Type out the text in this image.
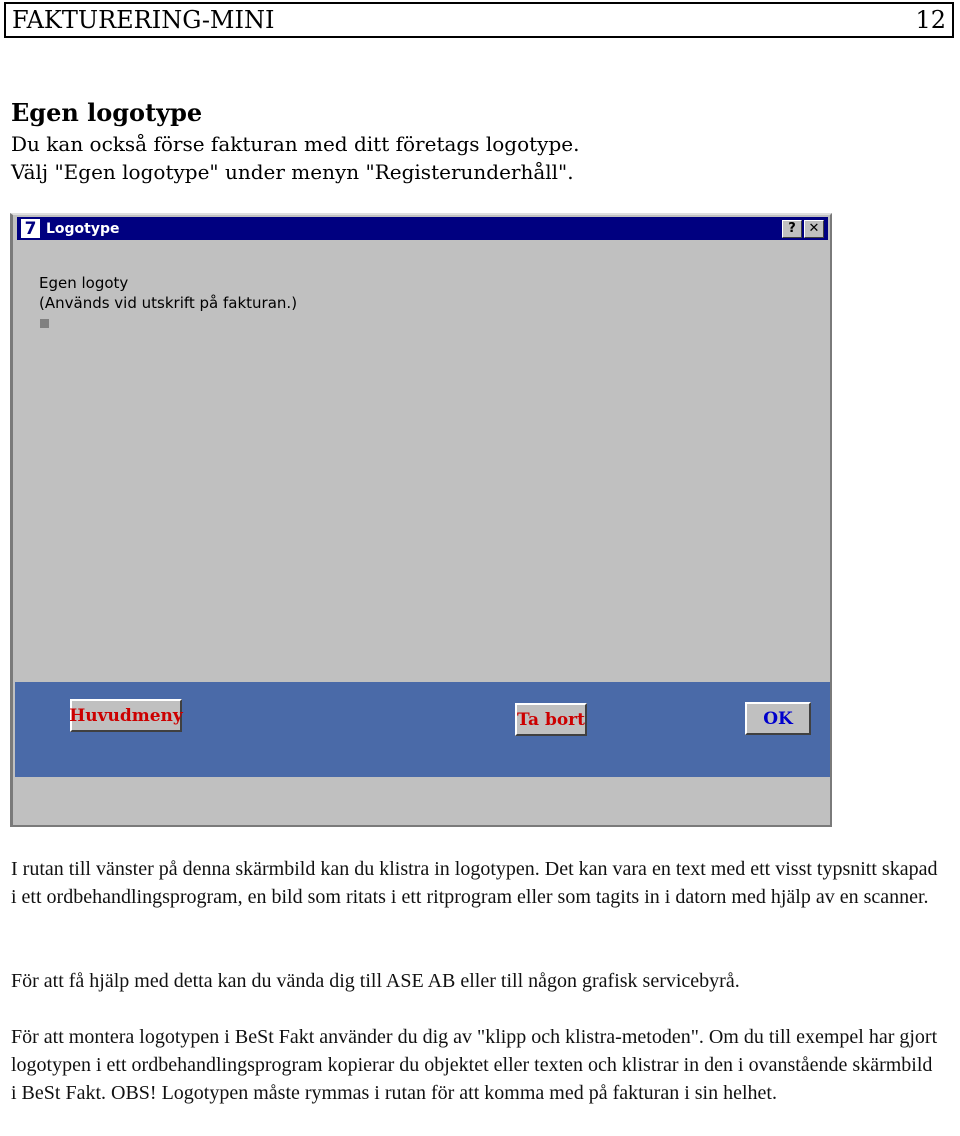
FAKTURERING-MINI	12
Egen logotype

Du kan också förse fakturan med ditt företags logotype.

Välj "Egen logotype" under menyn "Registerunderhåll".

7 Logotype	? ✕
Egen logoty
(Används vid utskrift på fakturan.)
Huvudmeny	Ta bort	OK

I rutan till vänster på denna skärmbild kan du klistra in logotypen. Det kan vara en text med ett visst typsnitt skapad i ett ordbehandlingsprogram, en bild som ritats i ett ritprogram eller som tagits in i datorn med hjälp av en scanner.

För att få hjälp med detta kan du vända dig till ASE AB eller till någon grafisk servicebyrå.

För att montera logotypen i BeSt Fakt använder du dig av "klipp och klistra-metoden". Om du till exempel har gjort logotypen i ett ordbehandlingsprogram kopierar du objektet eller texten och klistrar in den i ovanstående skärmbild i BeSt Fakt. OBS! Logotypen måste rymmas i rutan för att komma med på fakturan i sin helhet.
